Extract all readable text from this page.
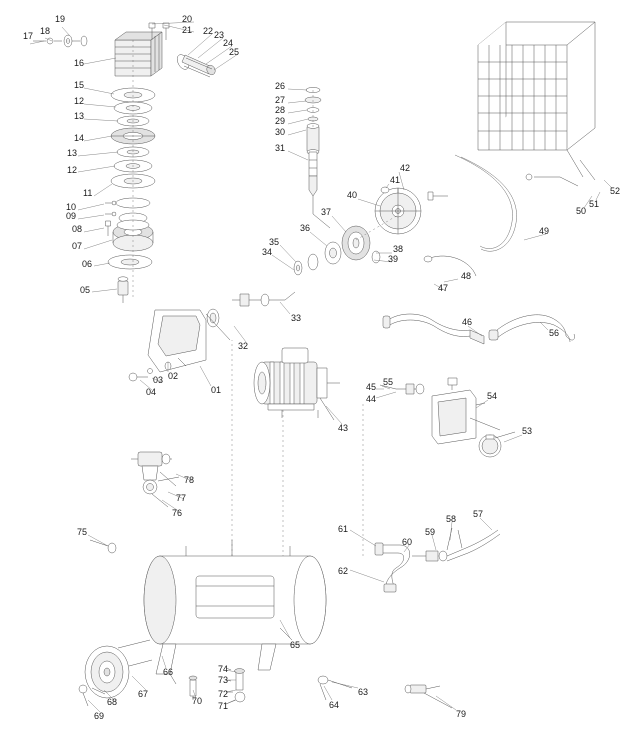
17 18
19
16
15
12
13
14
13
12
11
10
09
08
07
06
05
20
21 22 23
24
25
26
27
28
29
30
31
42
41
40
37
36
35
34	38
39
48
47
46
56
49
50
51
52
33
32
03 02
04	01	45 55
44
43
54
53
78
77
76
75	61
62
60
59
58 57
66
67
68
69
70 71
72
73
74
65
64
63
79
